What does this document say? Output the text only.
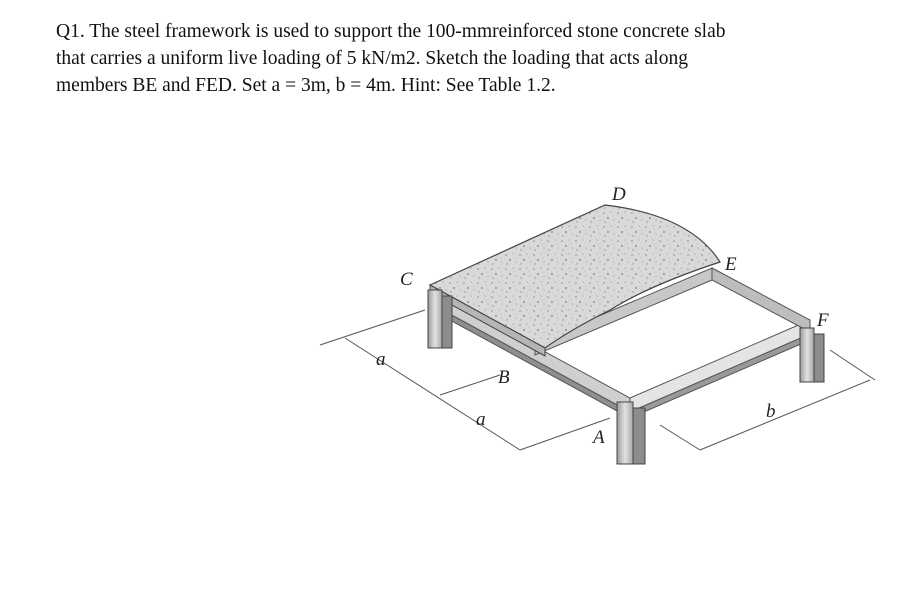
Q1. The steel framework is used to support the 100-mmreinforced stone concrete slab
that carries a uniform live loading of 5 kN/m2. Sketch the loading that acts along
members BE and FED. Set a = 3m, b = 4m. Hint: See Table 1.2.
C
D
E
F
B
A
a
a	b
